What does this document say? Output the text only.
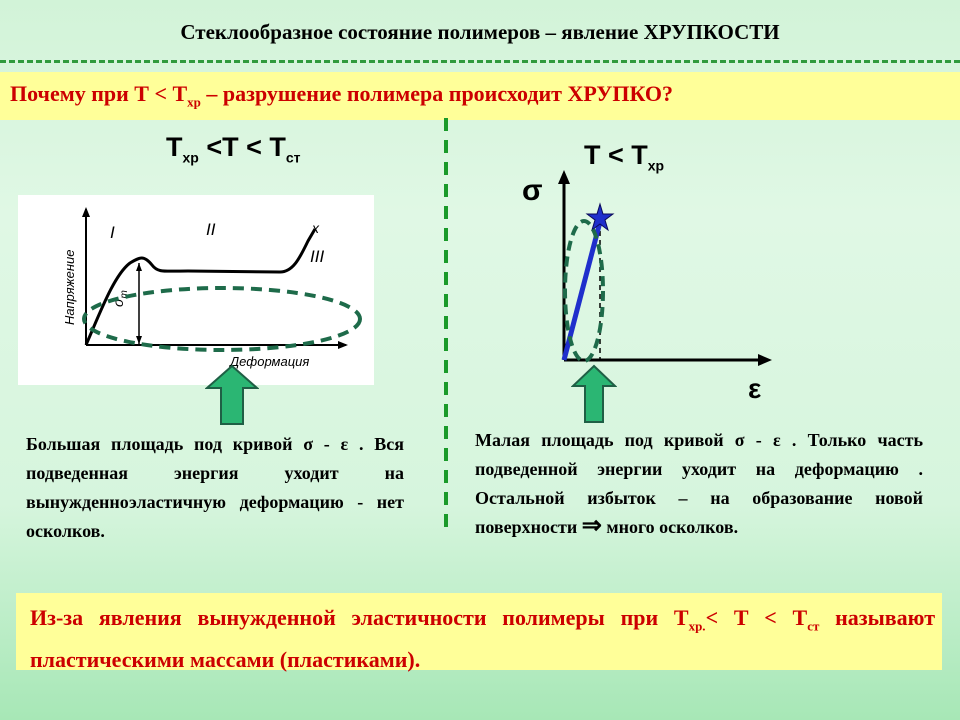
Стеклообразное состояние полимеров – явление ХРУПКОСТИ
Почему при $Т < Т_{хр}$ – разрушение полимера происходит ХРУПКО?
$Т_{хр} <Т < Т_{ст}$
$\sigma_т$
I	II
III
x
Напряжение
Деформация
Большая площадь под кривой σ - ε . Вся подведенная энергия уходит на вынужденноэластичную деформацию - нет осколков.
$Т < Т_{хр}$
σ
ε
Малая площадь под кривой σ - ε . Только часть подведенной энергии уходит на деформацию . Остальной избыток – на образование новой поверхности ⇒ много осколков.
Из-за явления вынужденной эластичности полимеры при $Т_{хр.}< Т < Т_{ст}$ называют пластическими массами (пластиками).
